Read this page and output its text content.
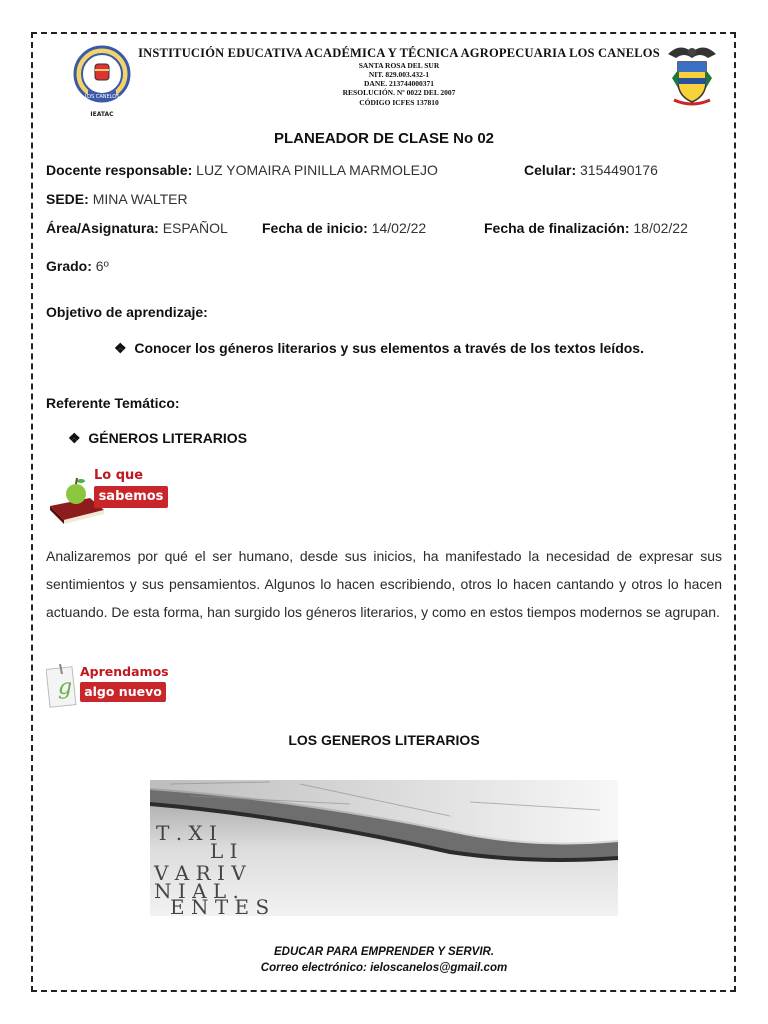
LOS CANELOS
IEATAC
INSTITUCIÓN EDUCATIVA ACADÉMICA Y TÉCNICA AGROPECUARIA LOS CANELOS
SANTA ROSA DEL SUR
NIT. 829.003.432-1
DANE. 213744000371
RESOLUCIÓN. Nº 0022 DEL 2007
CÓDIGO ICFES 137810
PLANEADOR DE CLASE No 02
Docente responsable: LUZ YOMAIRA PINILLA MARMOLEJO	Celular: 3154490176
SEDE: MINA WALTER
Área/Asignatura: ESPAÑOL Fecha de inicio: 14/02/22	Fecha de finalización: 18/02/22
Grado: 6º
Objetivo de aprendizaje:
❖ Conocer los géneros literarios y sus elementos a través de los textos leídos.
Referente Temático:
❖ GÉNEROS LITERARIOS
Lo que
sabemos
Analizaremos por qué el ser humano, desde sus inicios, ha manifestado la necesidad de expresar sus sentimientos y sus pensamientos. Algunos lo hacen escribiendo, otros lo hacen cantando y otros lo hacen actuando. De esta forma, han surgido los géneros literarios, y como en estos tiempos modernos se agrupan.
g
Aprendamos
algo nuevo
LOS GENEROS LITERARIOS
T . X I
L I
V A R I V
N I A L .
E N T E S
EDUCAR PARA EMPRENDER Y SERVIR.
Correo electrónico: ieloscanelos@gmail.com
